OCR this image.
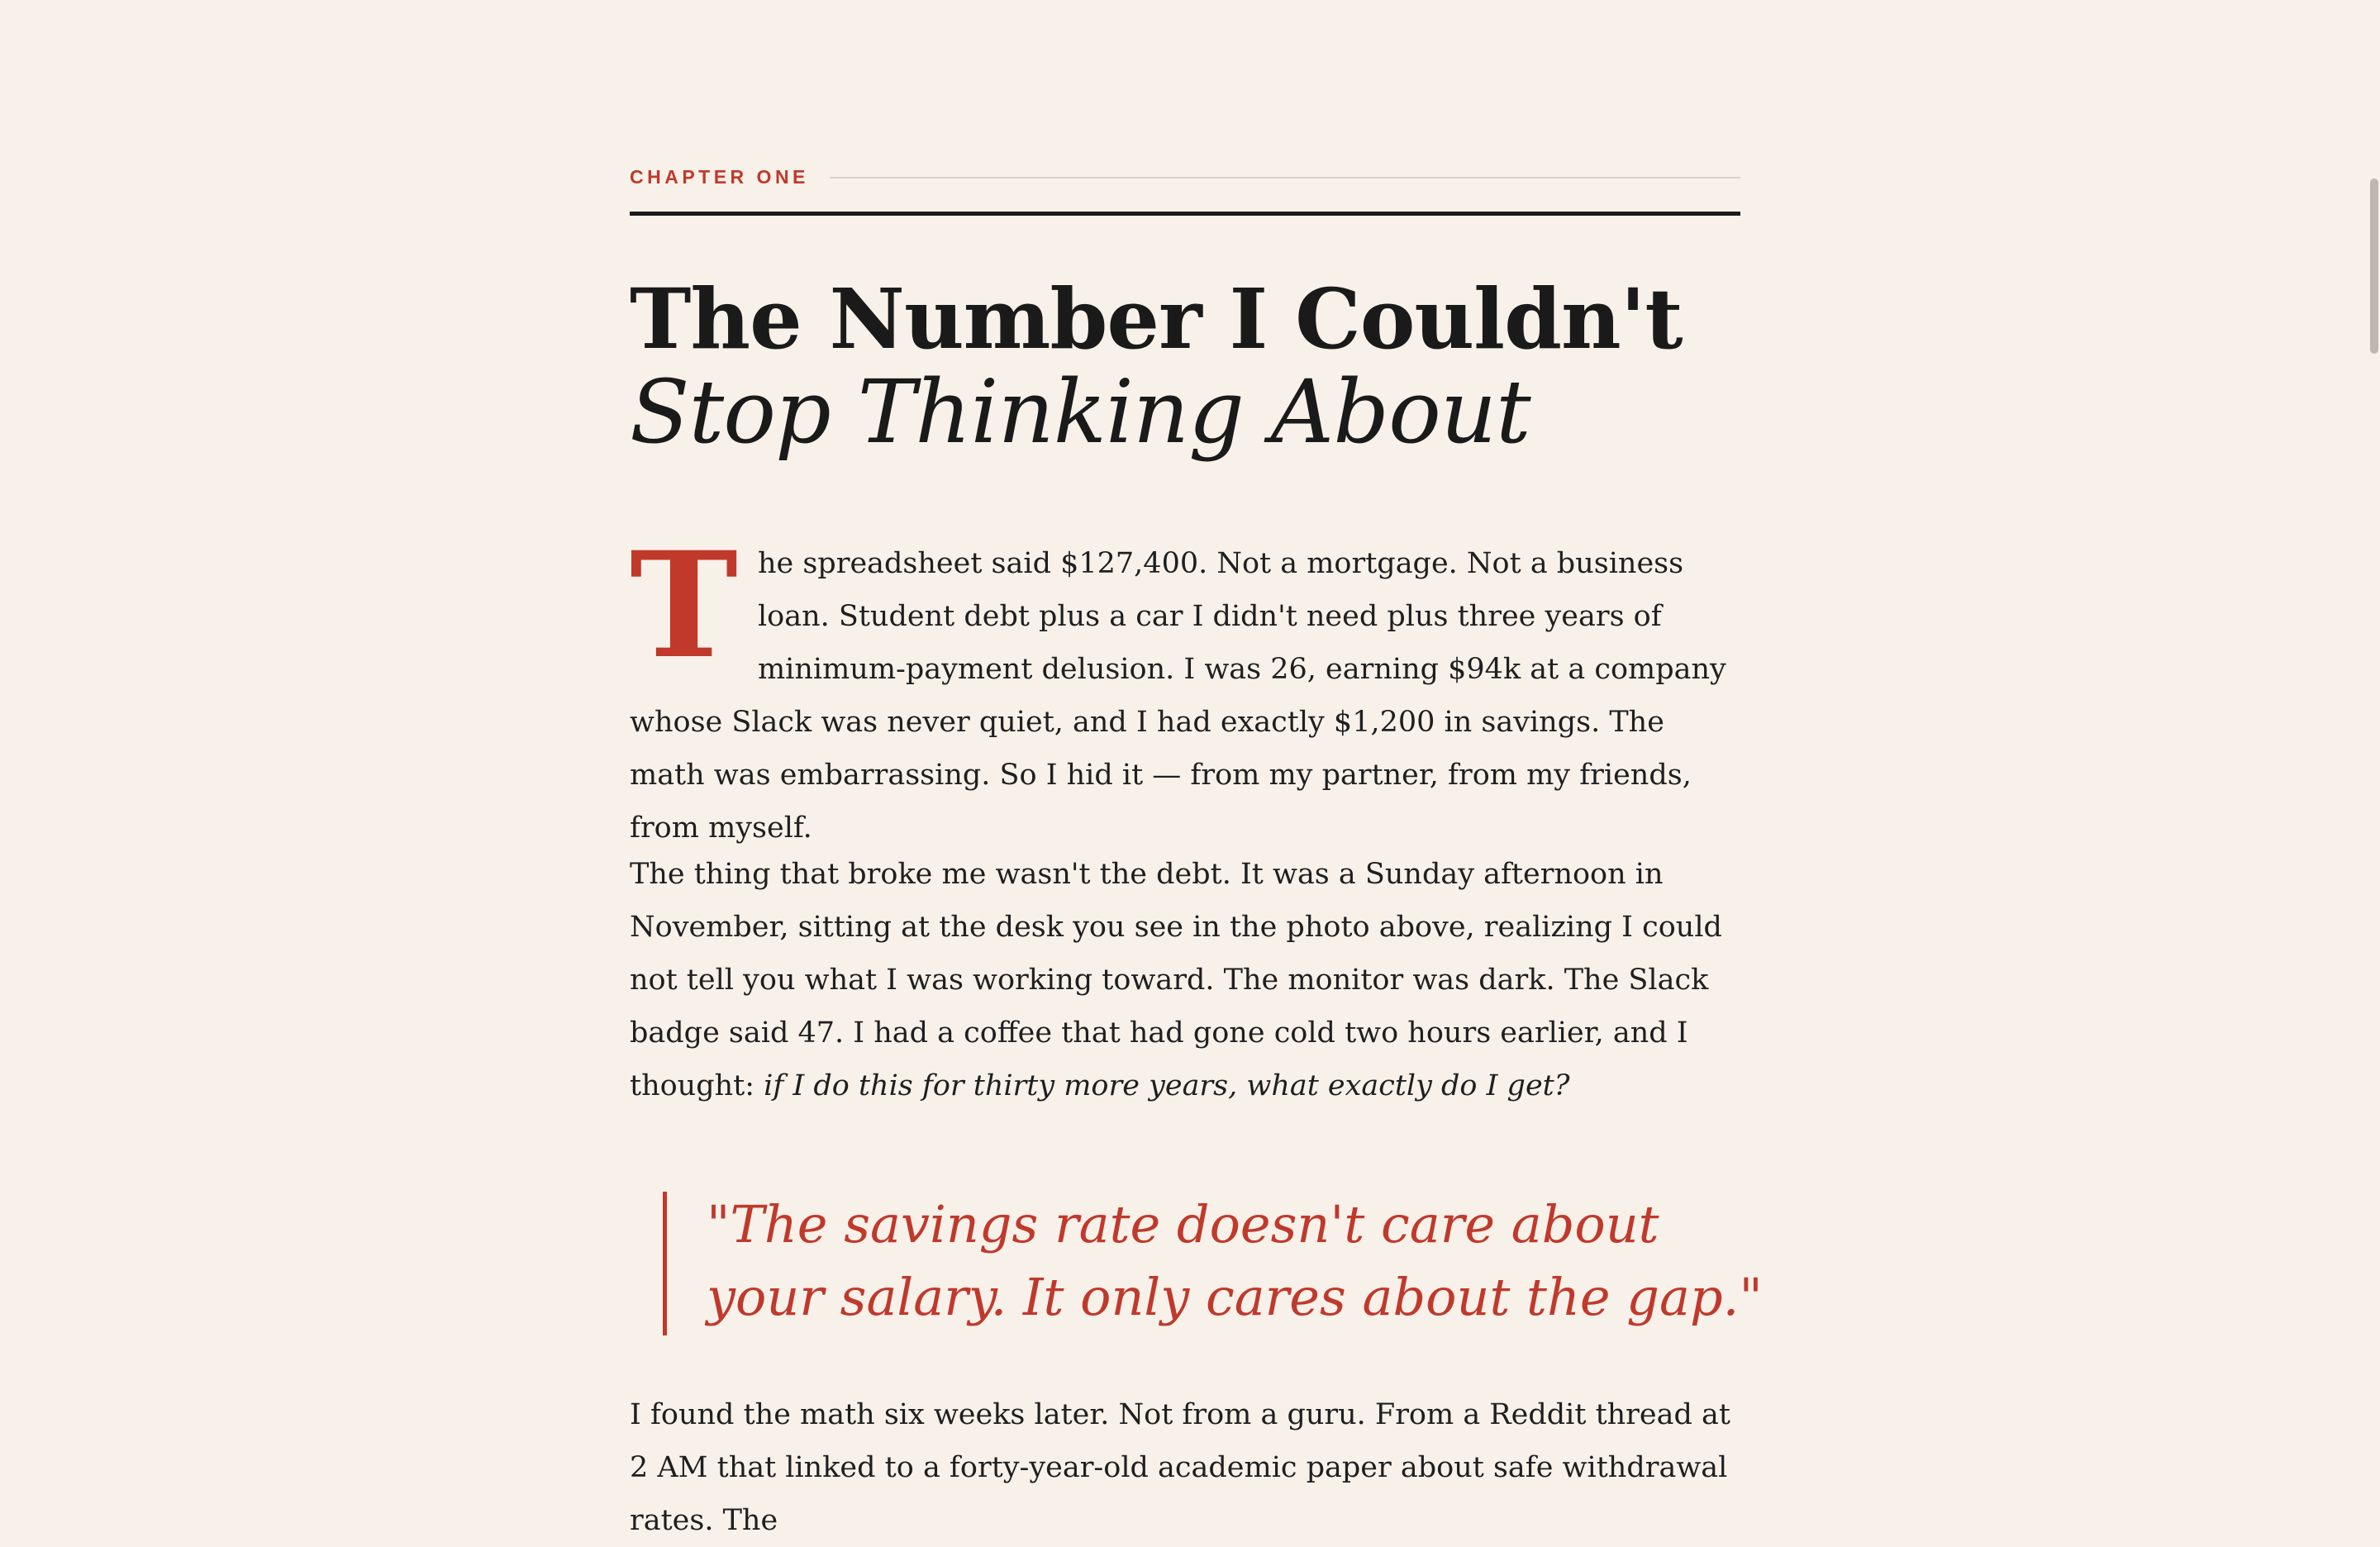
CHAPTER ONE
The Number I Couldn't
Stop Thinking About

The spreadsheet said $127,400. Not a mortgage. Not a business loan. Student debt plus a car I didn't need plus three years of minimum-payment delusion. I was 26, earning $94k at a company whose Slack was never quiet, and I had exactly $1,200 in savings. The math was embarrassing. So I hid it — from my partner, from my friends, from myself.

The thing that broke me wasn't the debt. It was a Sunday afternoon in November, sitting at the desk you see in the photo above, realizing I could not tell you what I was working toward. The monitor was dark. The Slack badge said 47. I had a coffee that had gone cold two hours earlier, and I thought: if I do this for thirty more years, what exactly do I get?

"The savings rate doesn't care about your salary. It only cares about the gap."

I found the math six weeks later. Not from a guru. From a Reddit thread at 2 AM that linked to a forty-year-old academic paper about safe withdrawal rates. The
